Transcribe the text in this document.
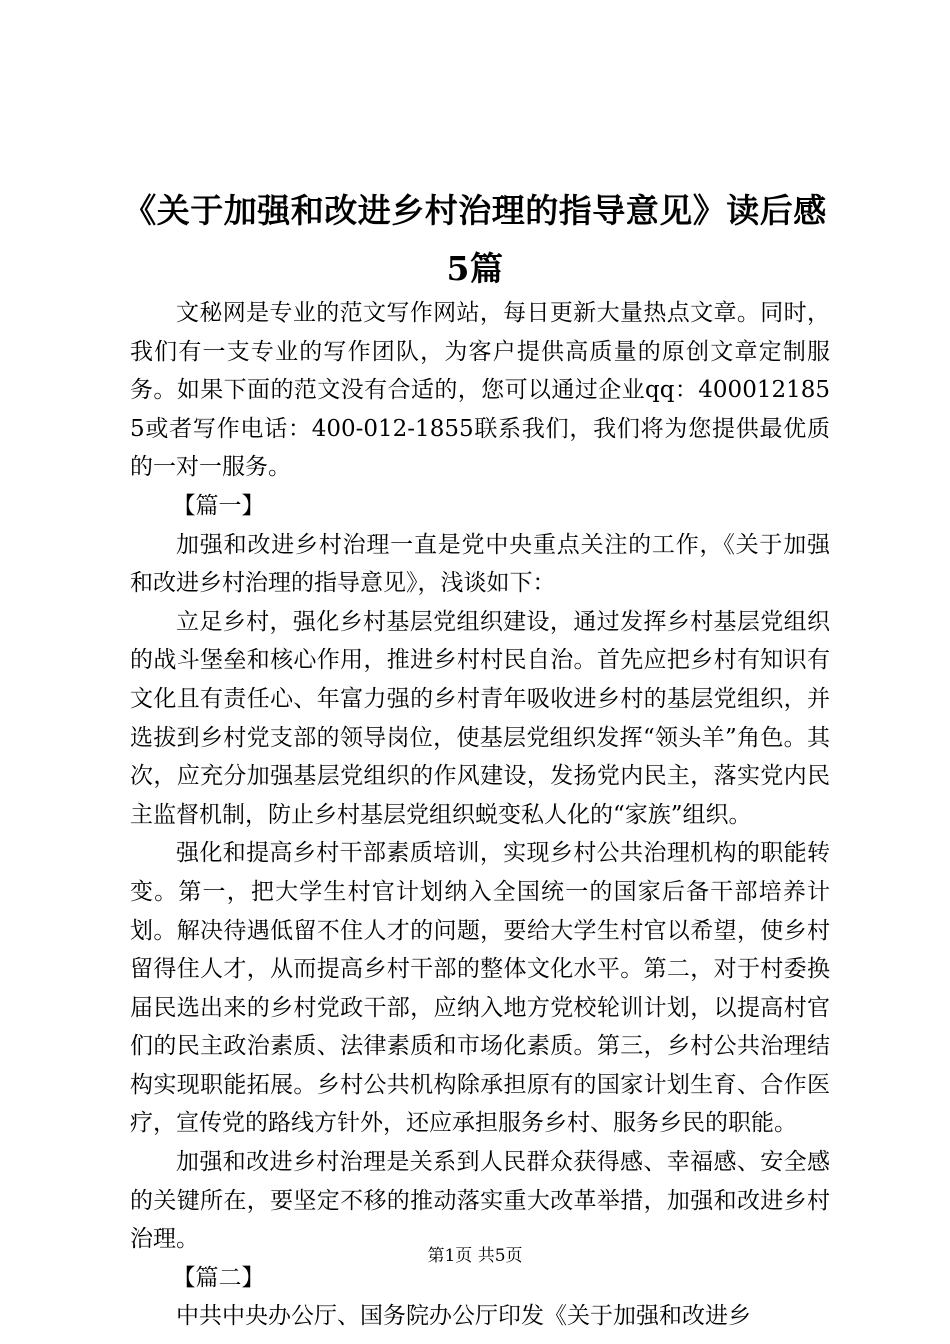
《关于加强和改进乡村治理的指导意见》读后感5篇

文秘网是专业的范文写作网站，每日更新大量热点文章。同时，我们有一支专业的写作团队，为客户提供高质量的原创文章定制服务。如果下面的范文没有合适的，您可以通过企业qq：4000121855或者写作电话：400-012-1855联系我们，我们将为您提供最优质的一对一服务。

【篇一】

加强和改进乡村治理一直是党中央重点关注的工作，《关于加强和改进乡村治理的指导意见》，浅谈如下：

立足乡村，强化乡村基层党组织建设，通过发挥乡村基层党组织的战斗堡垒和核心作用，推进乡村村民自治。首先应把乡村有知识有文化且有责任心、年富力强的乡村青年吸收进乡村的基层党组织，并选拔到乡村党支部的领导岗位，使基层党组织发挥“领头羊”角色。其次，应充分加强基层党组织的作风建设，发扬党内民主，落实党内民主监督机制，防止乡村基层党组织蜕变私人化的“家族”组织。

强化和提高乡村干部素质培训，实现乡村公共治理机构的职能转变。第一，把大学生村官计划纳入全国统一的国家后备干部培养计划。解决待遇低留不住人才的问题，要给大学生村官以希望，使乡村留得住人才，从而提高乡村干部的整体文化水平。第二，对于村委换届民选出来的乡村党政干部，应纳入地方党校轮训计划，以提高村官们的民主政治素质、法律素质和市场化素质。第三，乡村公共治理结构实现职能拓展。乡村公共机构除承担原有的国家计划生育、合作医疗，宣传党的路线方针外，还应承担服务乡村、服务乡民的职能。

加强和改进乡村治理是关系到人民群众获得感、幸福感、安全感的关键所在，要坚定不移的推动落实重大改革举措，加强和改进乡村治理。

【篇二】

中共中央办公厅、国务院办公厅印发《关于加强和改进乡

第1页 共5页
